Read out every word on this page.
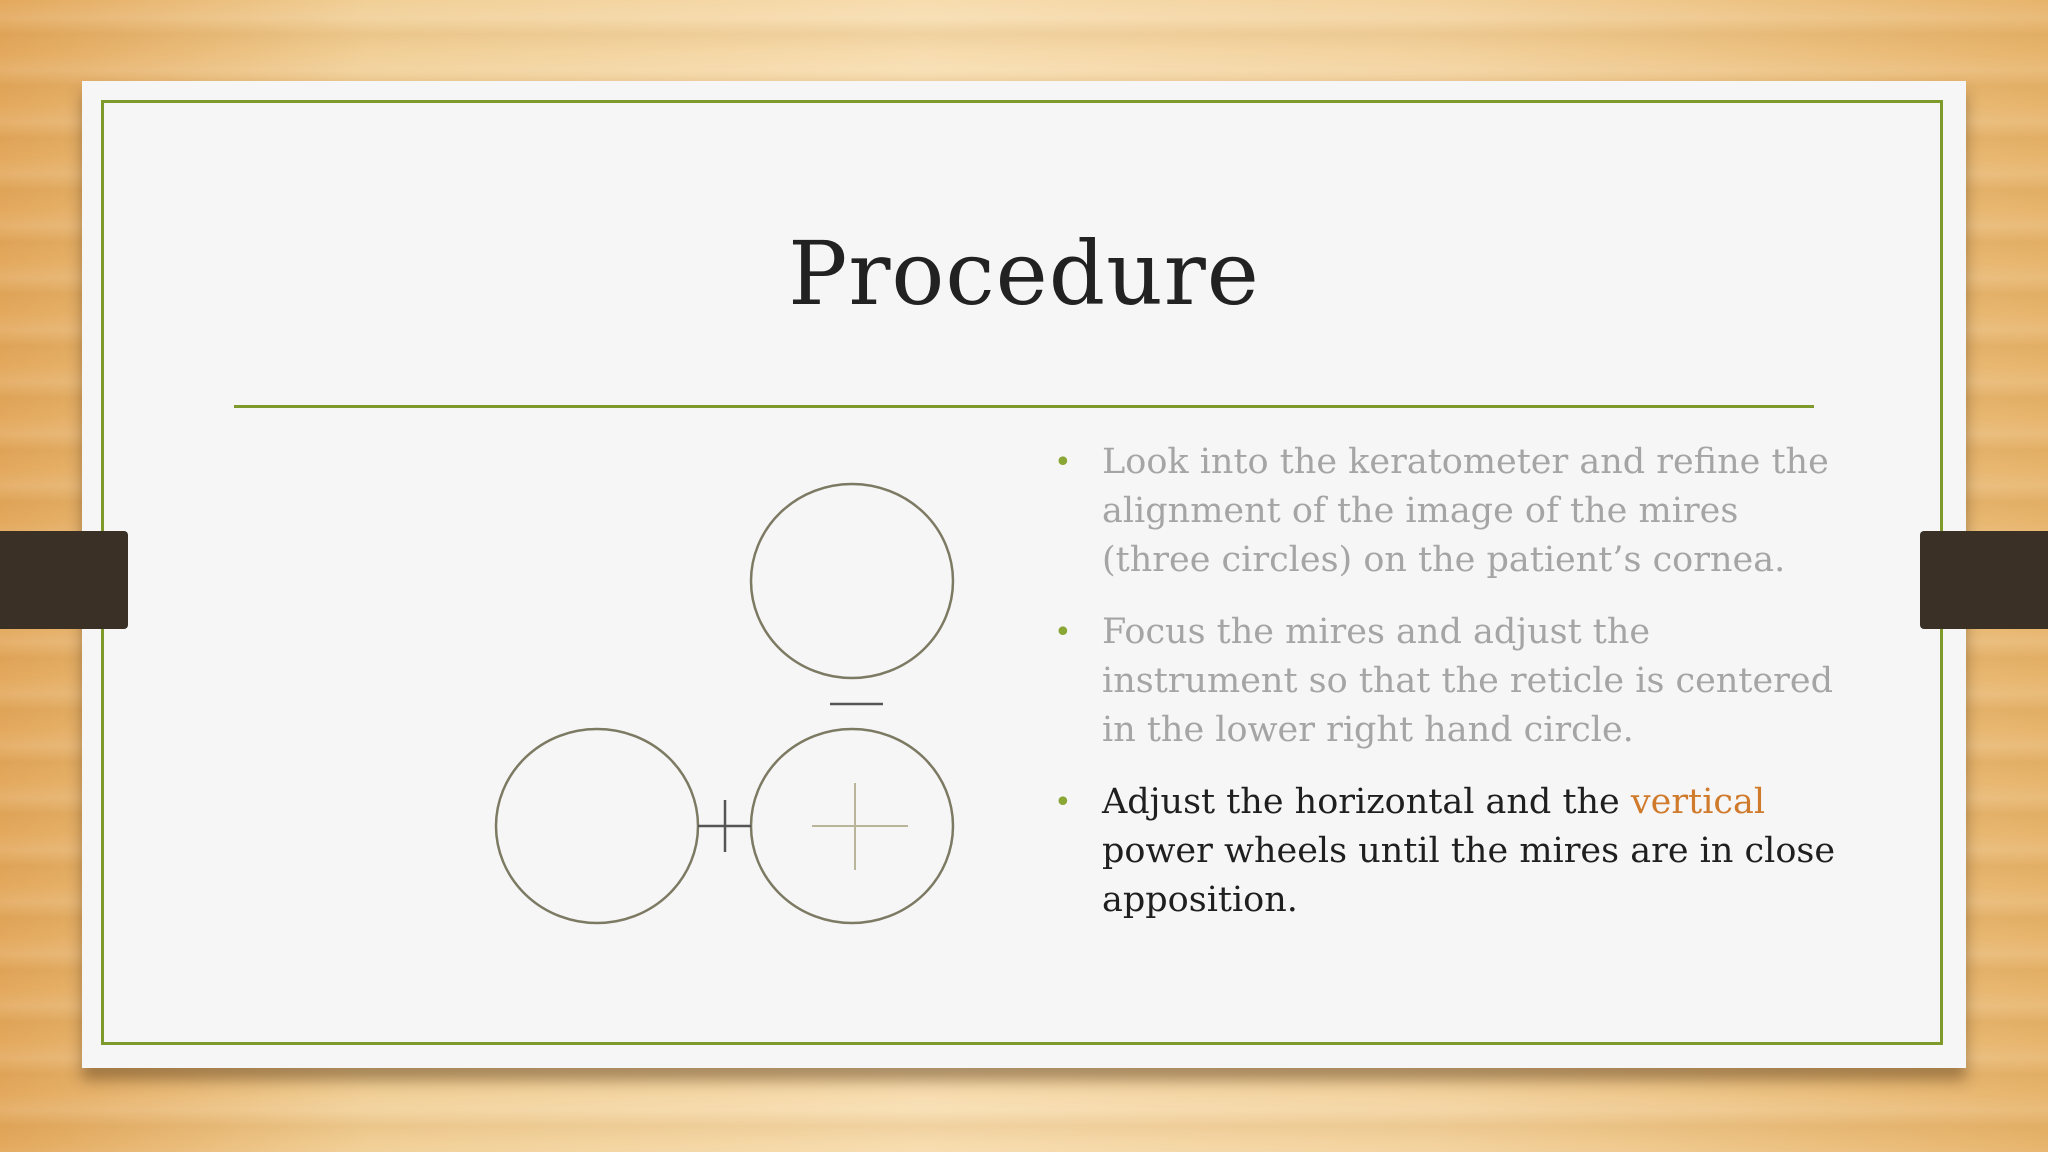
Procedure
• Look into the keratometer and refine the alignment of the image of the mires (three circles) on the patient’s cornea.
• Focus the mires and adjust the instrument so that the reticle is centered in the lower right hand circle.
• Adjust the horizontal and the vertical power wheels until the mires are in close apposition.
